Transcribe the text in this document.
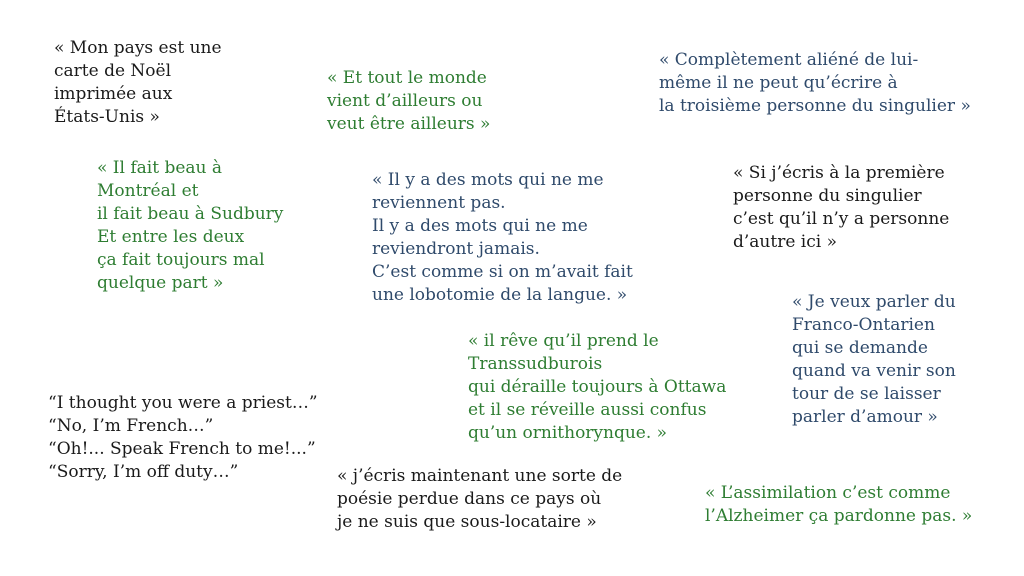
« Mon pays est une
carte de Noël
imprimée aux
États-Unis »
« Et tout le monde
vient d’ailleurs ou
veut être ailleurs »
« Complètement aliéné de lui-
même il ne peut qu’écrire à
la troisième personne du singulier »
« Il fait beau à
Montréal et
il fait beau à Sudbury
Et entre les deux
ça fait toujours mal
quelque part »
« Il y a des mots qui ne me
reviennent pas.
Il y a des mots qui ne me
reviendront jamais.
C’est comme si on m’avait fait
une lobotomie de la langue. »
« Si j’écris à la première
personne du singulier
c’est qu’il n’y a personne
d’autre ici »
« Je veux parler du
Franco-Ontarien
qui se demande
quand va venir son
tour de se laisser
parler d’amour »
« il rêve qu’il prend le
Transsudburois
qui déraille toujours à Ottawa
et il se réveille aussi confus
qu’un ornithorynque. »
“I thought you were a priest…”
“No, I’m French…”
“Oh!... Speak French to me!...”
“Sorry, I’m off duty…”	« j’écris maintenant une sorte de
poésie perdue dans ce pays où
je ne suis que sous-locataire »
« L’assimilation c’est comme
l’Alzheimer ça pardonne pas. »
